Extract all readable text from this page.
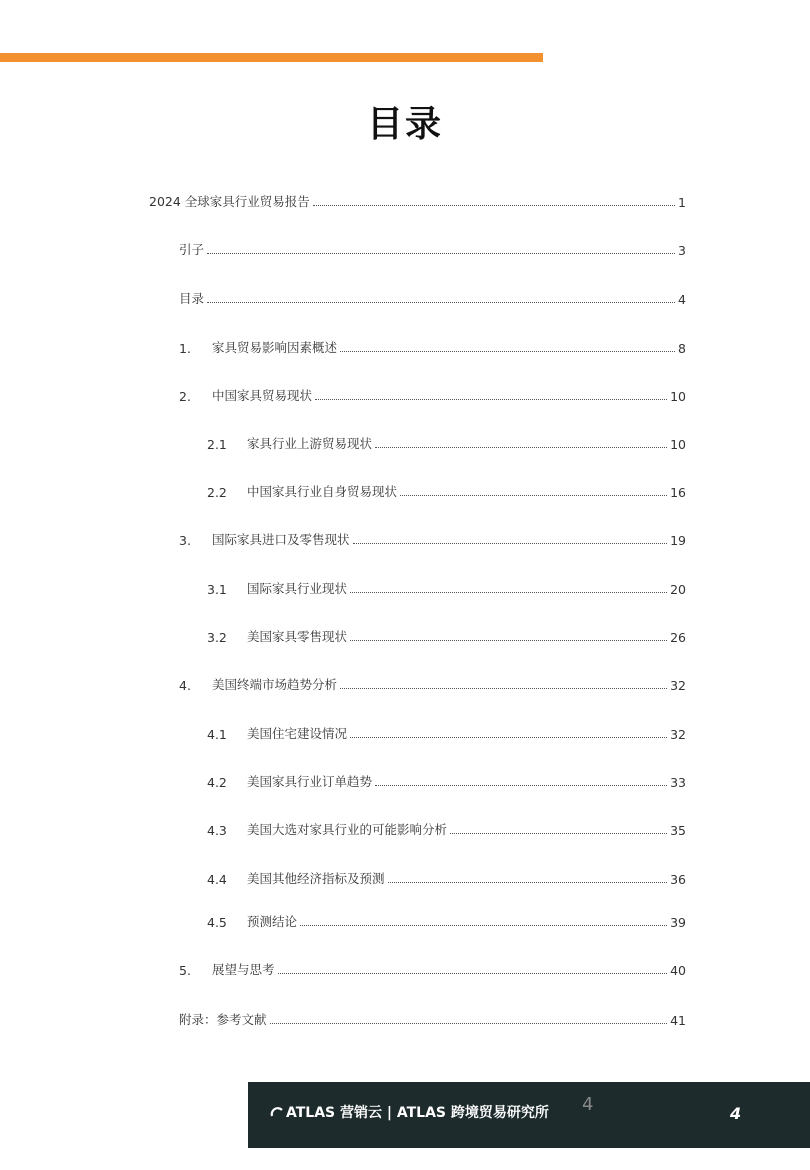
目录
2024 全球家具行业贸易报告	1
引子	3
目录	4
1.	家具贸易影响因素概述	8
2.	中国家具贸易现状	10
2.1	家具行业上游贸易现状	10
2.2	中国家具行业自身贸易现状	16
3.	国际家具进口及零售现状	19
3.1	国际家具行业现状	20
3.2	美国家具零售现状	26
4.	美国终端市场趋势分析	32
4.1	美国住宅建设情况	32
4.2	美国家具行业订单趋势	33
4.3	美国大选对家具行业的可能影响分析	35
4.4	美国其他经济指标及预测	36
4.5	预测结论	39
5.	展望与思考	40
附录：参考文献	41
ATLAS 营销云 | ATLAS 跨境贸易研究所 4	4
